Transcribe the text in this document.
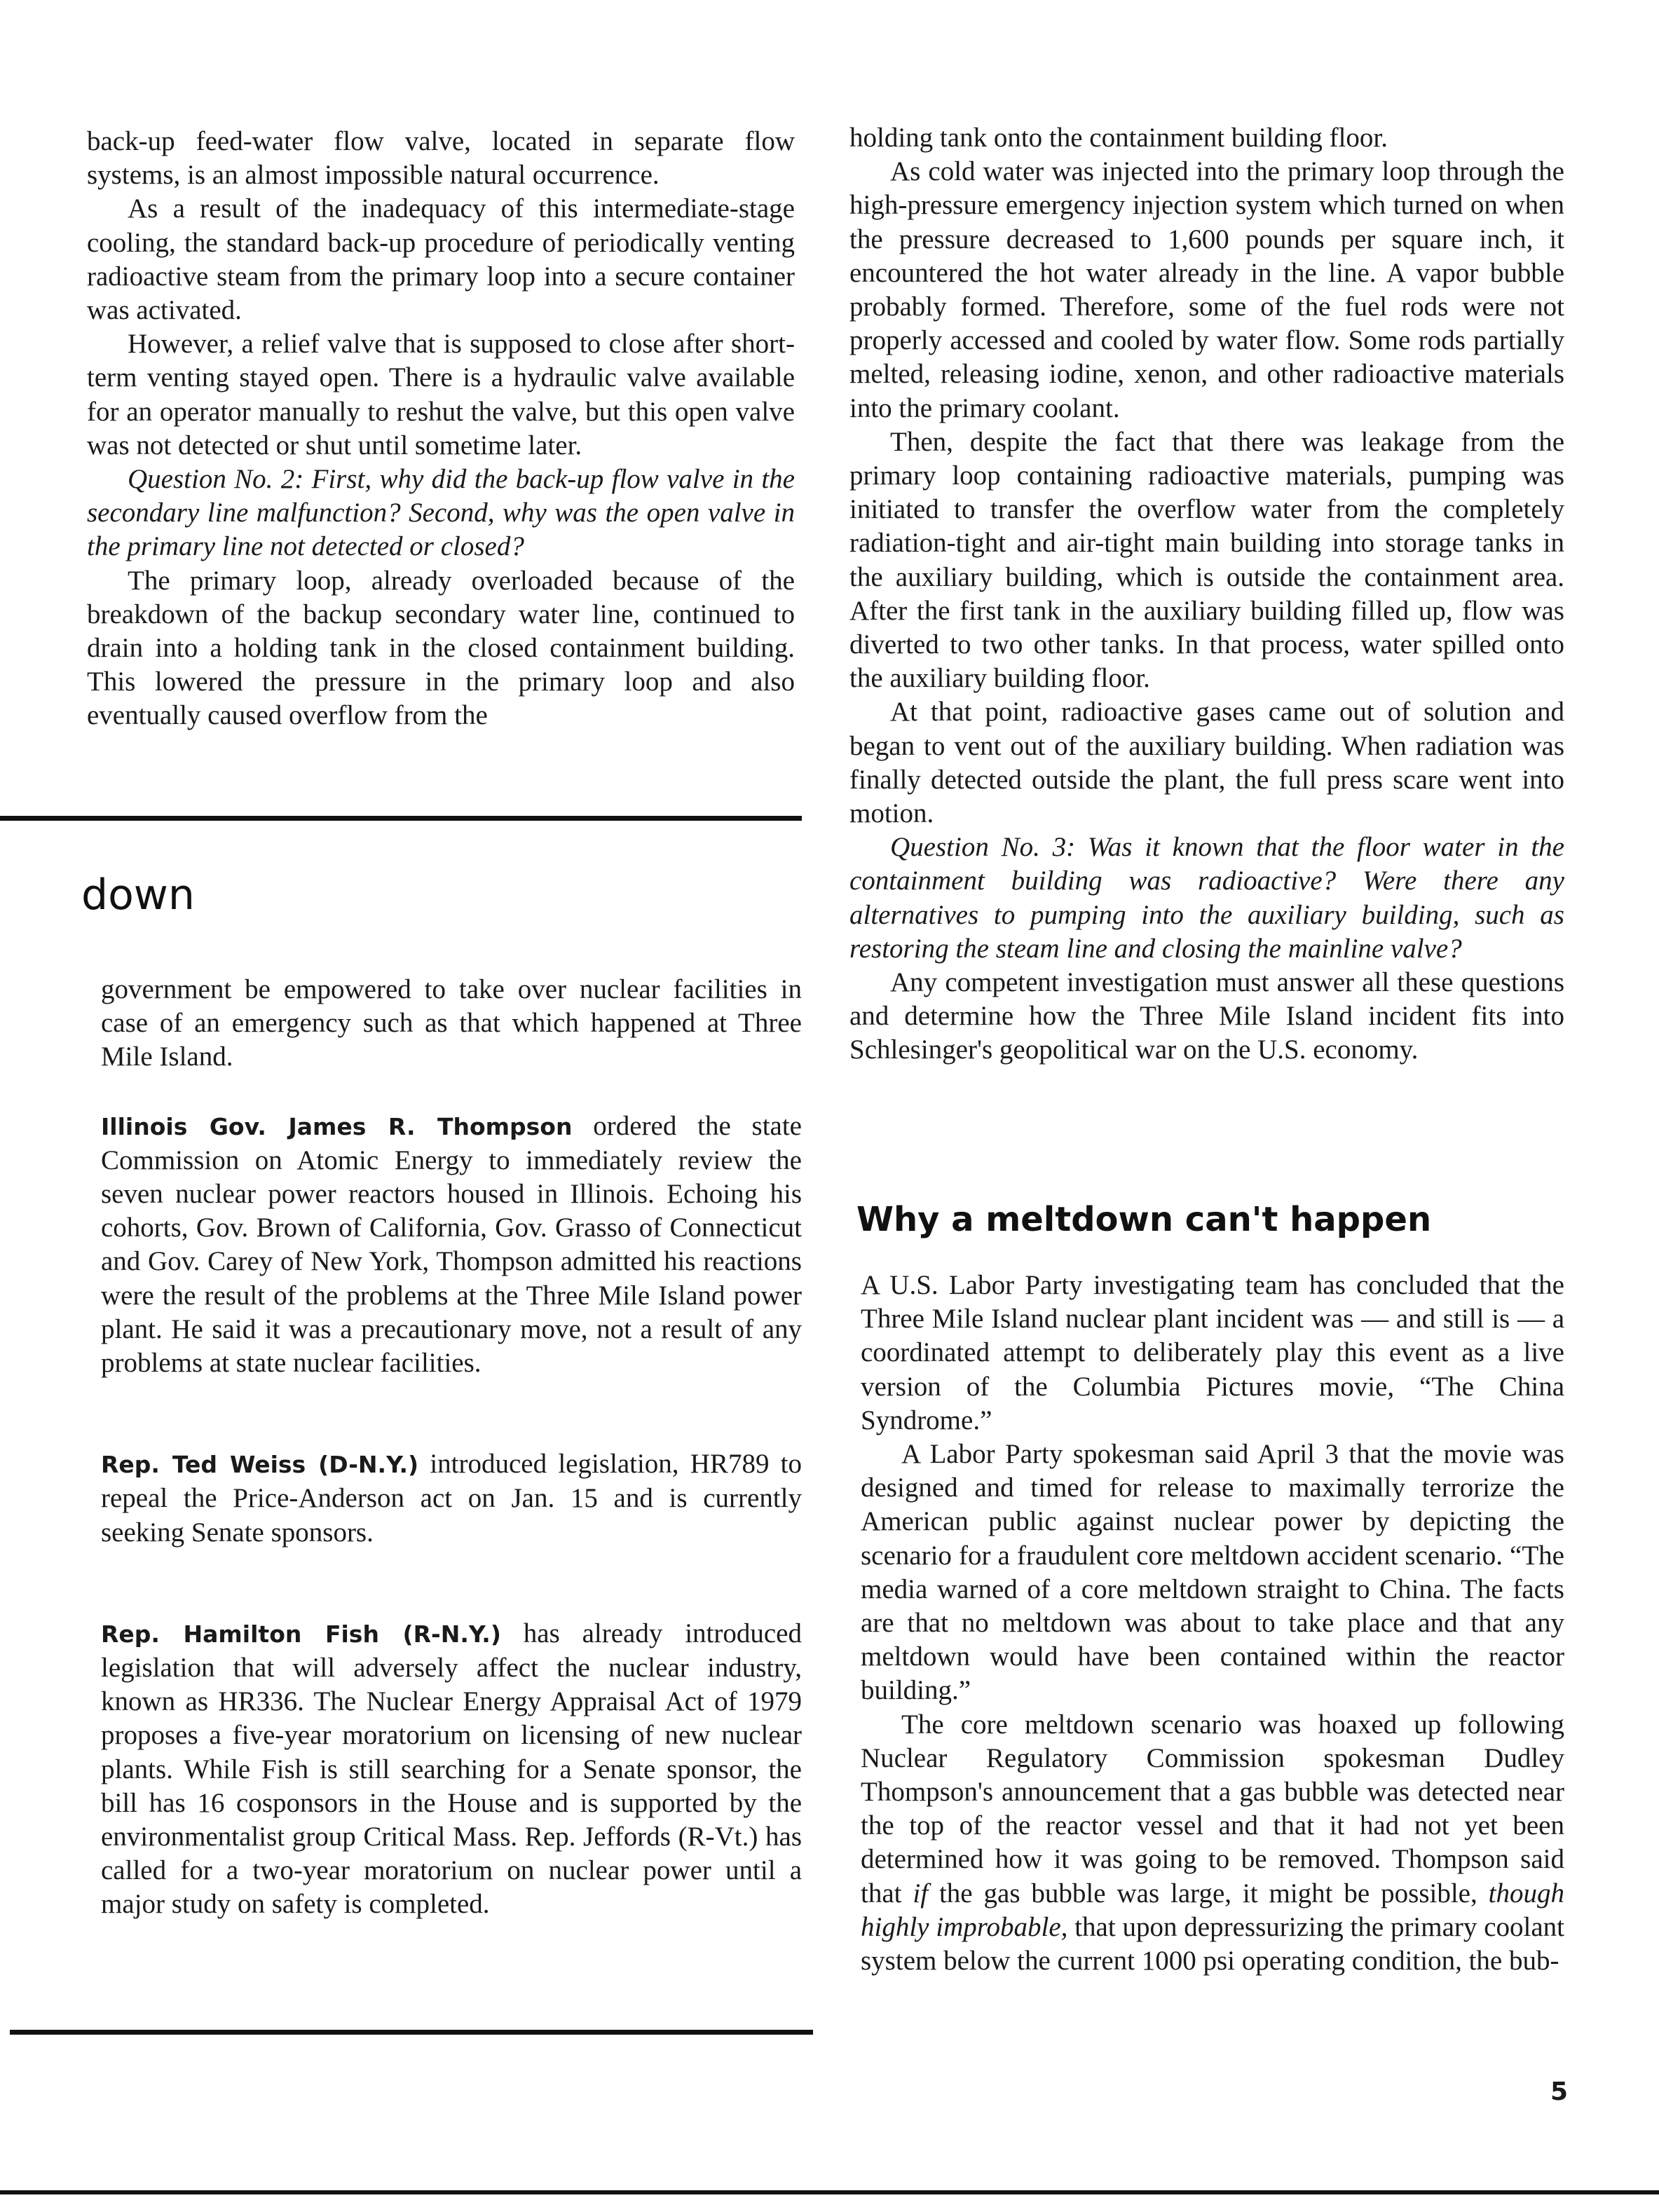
back-up feed-water flow valve, located in separate flow systems, is an almost impossible natural occurrence.

As a result of the inadequacy of this intermediate-stage cooling, the standard back-up procedure of periodically venting radioactive steam from the primary loop into a secure container was activated.

However, a relief valve that is supposed to close after short-term venting stayed open. There is a hydraulic valve available for an operator manually to reshut the valve, but this open valve was not detected or shut until sometime later.

Question No. 2: First, why did the back-up flow valve in the secondary line malfunction? Second, why was the open valve in the primary line not detected or closed?

The primary loop, already overloaded because of the breakdown of the backup secondary water line, continued to drain into a holding tank in the closed containment building. This lowered the pressure in the primary loop and also eventually caused overflow from the

down

government be empowered to take over nuclear facilities in case of an emergency such as that which happened at Three Mile Island.

Illinois Gov. James R. Thompson ordered the state Commission on Atomic Energy to immediately review the seven nuclear power reactors housed in Illinois. Echoing his cohorts, Gov. Brown of California, Gov. Grasso of Connecticut and Gov. Carey of New York, Thompson admitted his reactions were the result of the problems at the Three Mile Island power plant. He said it was a precautionary move, not a result of any problems at state nuclear facilities.

Rep. Ted Weiss (D-N.Y.) introduced legislation, HR789 to repeal the Price-Anderson act on Jan. 15 and is currently seeking Senate sponsors.

Rep. Hamilton Fish (R-N.Y.) has already introduced legislation that will adversely affect the nuclear industry, known as HR336. The Nuclear Energy Appraisal Act of 1979 proposes a five-year moratorium on licensing of new nuclear plants. While Fish is still searching for a Senate sponsor, the bill has 16 cosponsors in the House and is supported by the environmentalist group Critical Mass. Rep. Jeffords (R-Vt.) has called for a two-year moratorium on nuclear power until a major study on safety is completed.

holding tank onto the containment building floor.

As cold water was injected into the primary loop through the high-pressure emergency injection system which turned on when the pressure decreased to 1,600 pounds per square inch, it encountered the hot water already in the line. A vapor bubble probably formed. Therefore, some of the fuel rods were not properly accessed and cooled by water flow. Some rods partially melted, releasing iodine, xenon, and other radioactive materials into the primary coolant.

Then, despite the fact that there was leakage from the primary loop containing radioactive materials, pumping was initiated to transfer the overflow water from the completely radiation-tight and air-tight main building into storage tanks in the auxiliary building, which is outside the containment area. After the first tank in the auxiliary building filled up, flow was diverted to two other tanks. In that process, water spilled onto the auxiliary building floor.

At that point, radioactive gases came out of solution and began to vent out of the auxiliary building. When radiation was finally detected outside the plant, the full press scare went into motion.

Question No. 3: Was it known that the floor water in the containment building was radioactive? Were there any alternatives to pumping into the auxiliary building, such as restoring the steam line and closing the mainline valve?

Any competent investigation must answer all these questions and determine how the Three Mile Island incident fits into Schlesinger's geopolitical war on the U.S. economy.

Why a meltdown can't happen

A U.S. Labor Party investigating team has concluded that the Three Mile Island nuclear plant incident was — and still is — a coordinated attempt to deliberately play this event as a live version of the Columbia Pictures movie, “The China Syndrome.”

A Labor Party spokesman said April 3 that the movie was designed and timed for release to maximally terrorize the American public against nuclear power by depicting the scenario for a fraudulent core meltdown accident scenario. “The media warned of a core meltdown straight to China. The facts are that no meltdown was about to take place and that any meltdown would have been contained within the reactor building.”

The core meltdown scenario was hoaxed up following Nuclear Regulatory Commission spokesman Dudley Thompson's announcement that a gas bubble was detected near the top of the reactor vessel and that it had not yet been determined how it was going to be removed. Thompson said that if the gas bubble was large, it might be possible, though highly improbable, that upon depressurizing the primary coolant system below the current 1000 psi operating condition, the bub-

5
